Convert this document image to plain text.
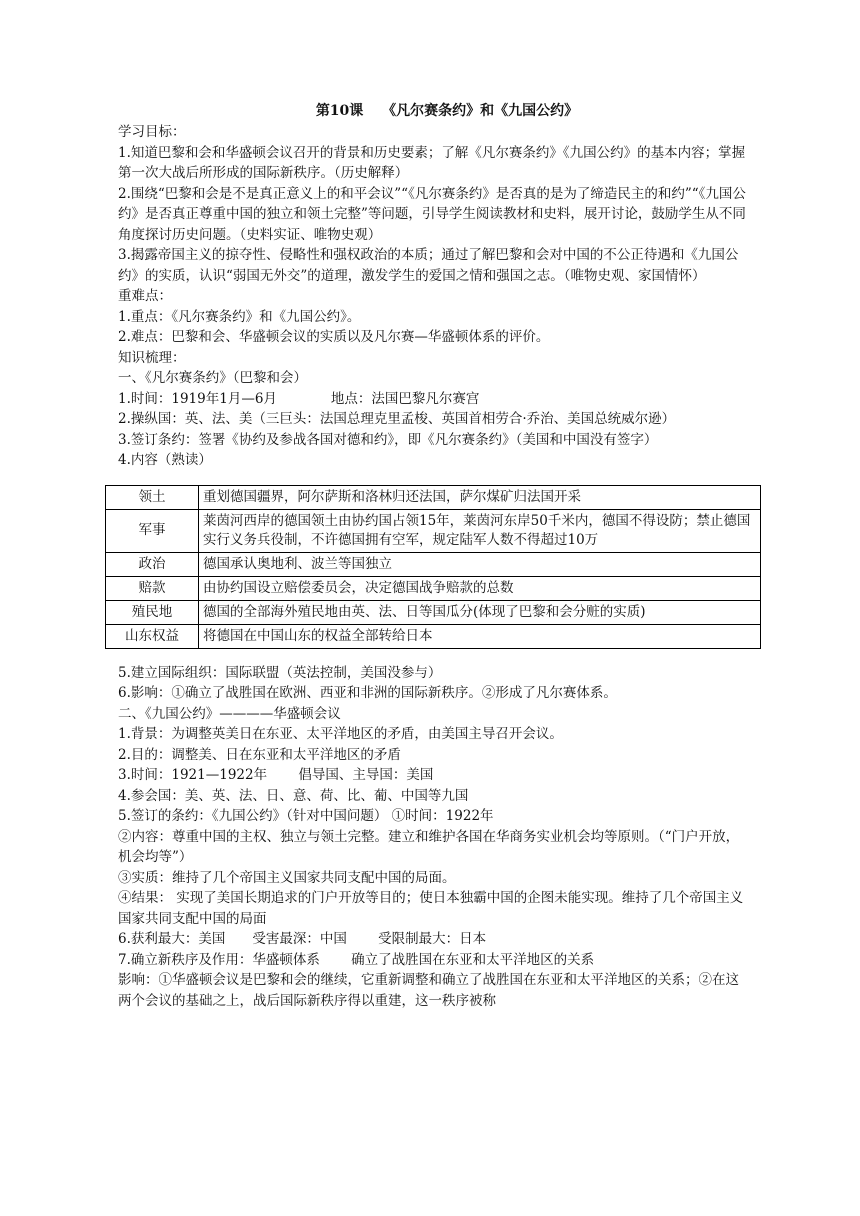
第10课　 《凡尔赛条约》和《九国公约》
学习目标：
1.知道巴黎和会和华盛顿会议召开的背景和历史要素；了解《凡尔赛条约》《九国公约》的基本内容；掌握第一次大战后所形成的国际新秩序。（历史解释）
2.围绕“巴黎和会是不是真正意义上的和平会议”“《凡尔赛条约》是否真的是为了缔造民主的和约”“《九国公约》是否真正尊重中国的独立和领土完整”等问题，引导学生阅读教材和史料，展开讨论，鼓励学生从不同角度探讨历史问题。（史料实证、唯物史观）
3.揭露帝国主义的掠夺性、侵略性和强权政治的本质；通过了解巴黎和会对中国的不公正待遇和《九国公约》的实质，认识“弱国无外交”的道理，激发学生的爱国之情和强国之志。（唯物史观、家国情怀）
重难点：
1.重点：《凡尔赛条约》和《九国公约》。
2.难点：巴黎和会、华盛顿会议的实质以及凡尔赛—华盛顿体系的评价。
知识梳理：
一、《凡尔赛条约》（巴黎和会）
1.时间：1919年1月—6月　　　　地点：法国巴黎凡尔赛宫
2.操纵国：英、法、美（三巨头：法国总理克里孟梭、英国首相劳合·乔治、美国总统威尔逊）
3.签订条约：签署《协约及参战各国对德和约》，即《凡尔赛条约》（美国和中国没有签字）
4.内容（熟读）
领土	重划德国疆界，阿尔萨斯和洛林归还法国，萨尔煤矿归法国开采
军事	莱茵河西岸的德国领土由协约国占领15年，莱茵河东岸50千米内，德国不得设防；禁止德国实行义务兵役制，不许德国拥有空军，规定陆军人数不得超过10万
政治	德国承认奥地利、波兰等国独立
赔款	由协约国设立赔偿委员会，决定德国战争赔款的总数
殖民地	德国的全部海外殖民地由英、法、日等国瓜分(体现了巴黎和会分赃的实质)
山东权益	将德国在中国山东的权益全部转给日本
5.建立国际组织：国际联盟（英法控制，美国没参与）
6.影响：①确立了战胜国在欧洲、西亚和非洲的国际新秩序。②形成了凡尔赛体系。
二、《九国公约》————华盛顿会议
1.背景：为调整英美日在东亚、太平洋地区的矛盾，由美国主导召开会议。
2.目的：调整美、日在东亚和太平洋地区的矛盾
3.时间：1921—1922年　　 倡导国、主导国：美国
4.参会国：美、英、法、日、意、荷、比、葡、中国等九国
5.签订的条约：《九国公约》（针对中国问题） ①时间：1922年
②内容：尊重中国的主权、独立与领土完整。建立和维护各国在华商务实业机会均等原则。（“门户开放，机会均等”）
③实质：维持了几个帝国主义国家共同支配中国的局面。
④结果： 实现了美国长期追求的门户开放等目的；使日本独霸中国的企图未能实现。维持了几个帝国主义国家共同支配中国的局面
6.获利最大：美国　　受害最深：中国　　 受限制最大：日本
7.确立新秩序及作用：华盛顿体系　　 确立了战胜国在东亚和太平洋地区的关系
影响：①华盛顿会议是巴黎和会的继续，它重新调整和确立了战胜国在东亚和太平洋地区的关系；②在这两个会议的基础之上，战后国际新秩序得以重建，这一秩序被称
